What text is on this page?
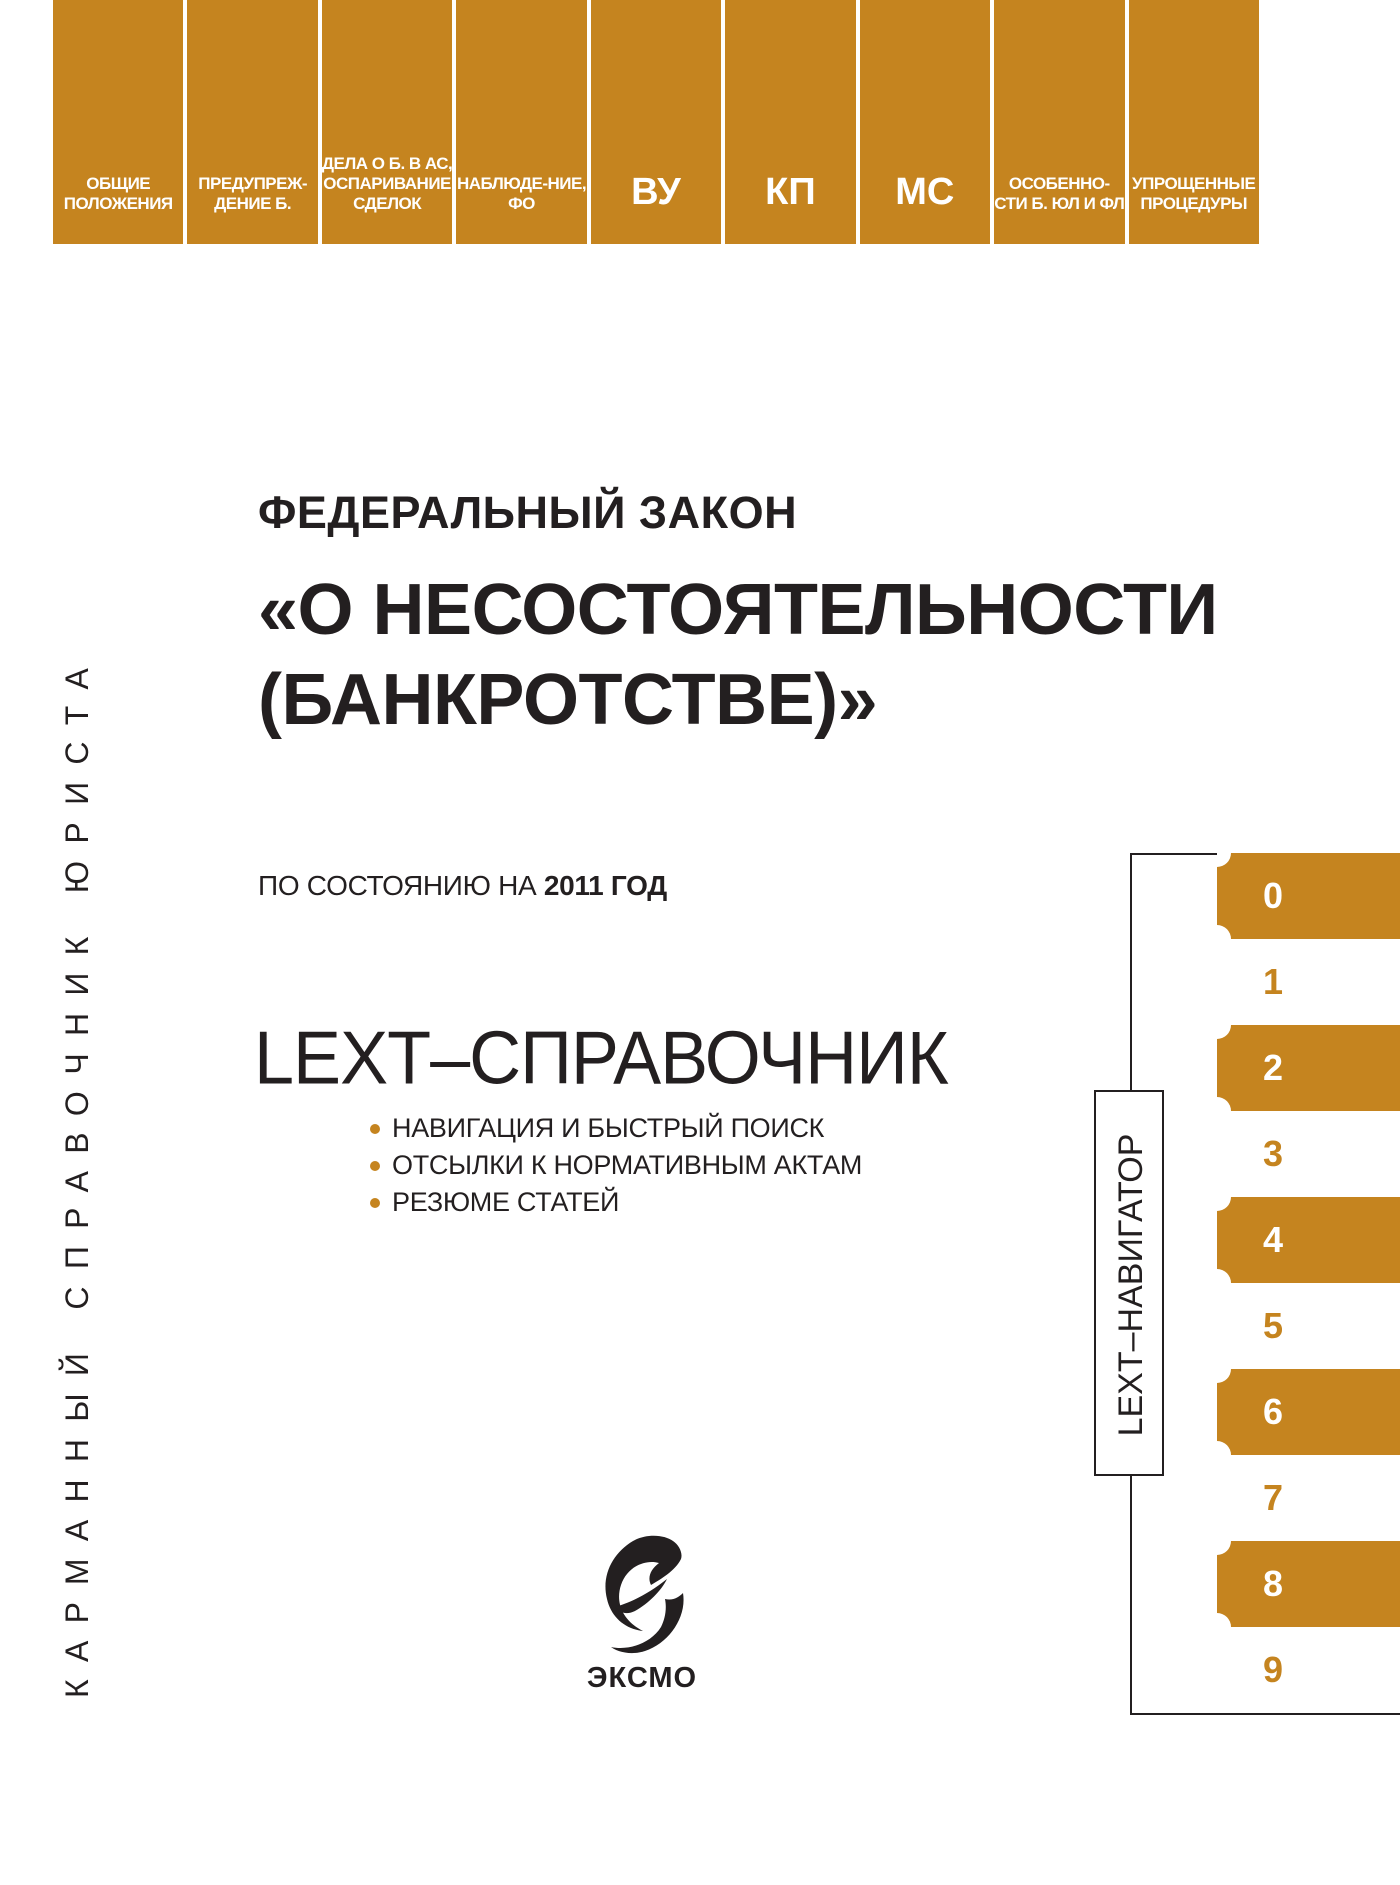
ОБЩИЕ ПОЛОЖЕНИЯ
ПРЕДУПРЕЖ-ДЕНИЕ Б.
ДЕЛА О Б. В АС, ОСПАРИВАНИЕ СДЕЛОК
НАБЛЮДЕ-НИЕ, ФО	ВУ	КП	МС	ОСОБЕННО-СТИ Б. ЮЛ И ФЛ
УПРОЩЕННЫЕ ПРОЦЕДУРЫ
КАРМАННЫЙ СПРАВОЧНИК ЮРИСТА
ФЕДЕРАЛЬНЫЙ ЗАКОН
«О НЕСОСТОЯТЕЛЬНОСТИ
(БАНКРОТСТВЕ)»
ПО СОСТОЯНИЮ НА 2011 ГОД
LEXT–СПРАВОЧНИК
НАВИГАЦИЯ И БЫСТРЫЙ ПОИСК
ОТСЫЛКИ К НОРМАТИВНЫМ АКТАМ
РЕЗЮМЕ СТАТЕЙ
0
1
2
3
4
5
6
7
8
9
LEXT–НАВИГАТОР
ЭКСМО
